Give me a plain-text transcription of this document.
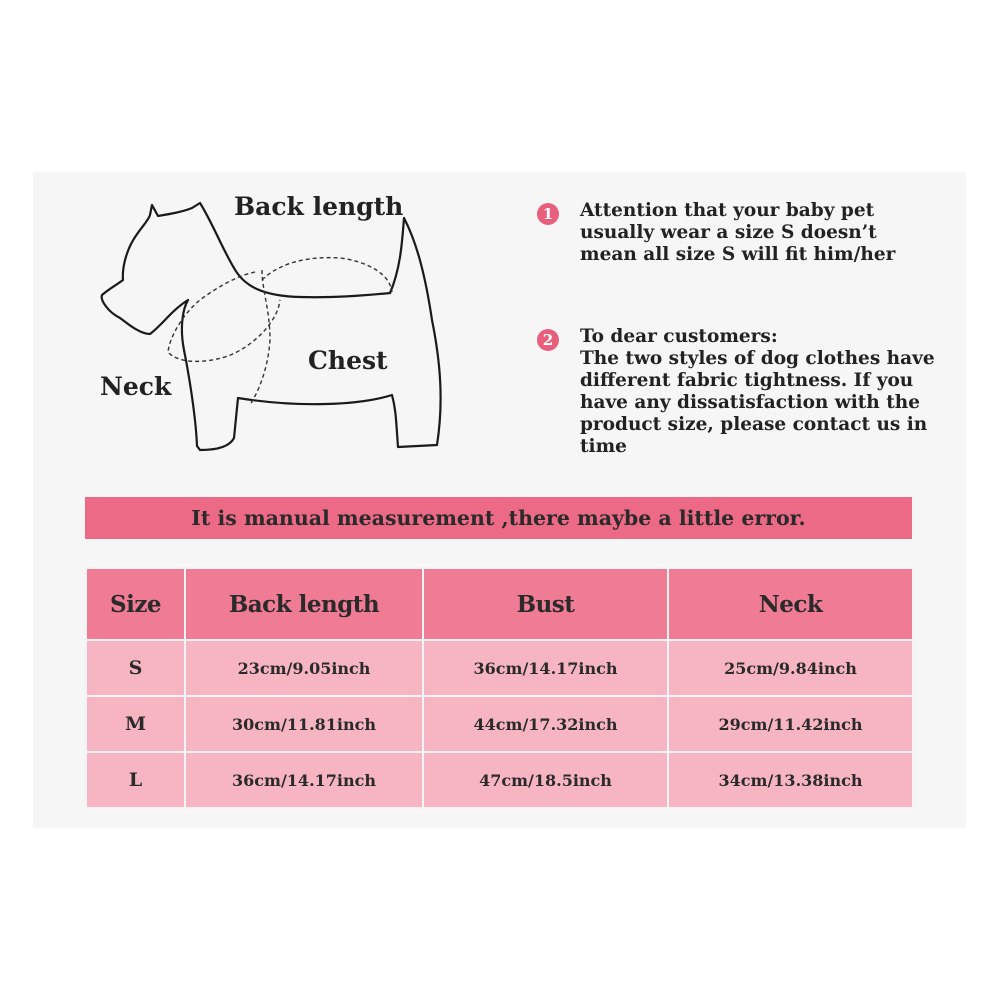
Back length
Chest
Neck
1	Attention that your baby pet
usually wear a size S doesn’t
mean all size S will fit him/her
2	To dear customers:
The two styles of dog clothes have
different fabric tightness. If you
have any dissatisfaction with the
product size, please contact us in
time
It is manual measurement ,there maybe a little error.
Size	Back length	Bust	Neck
S	23cm/9.05inch	36cm/14.17inch	25cm/9.84inch
M	30cm/11.81inch	44cm/17.32inch	29cm/11.42inch
L	36cm/14.17inch	47cm/18.5inch	34cm/13.38inch
